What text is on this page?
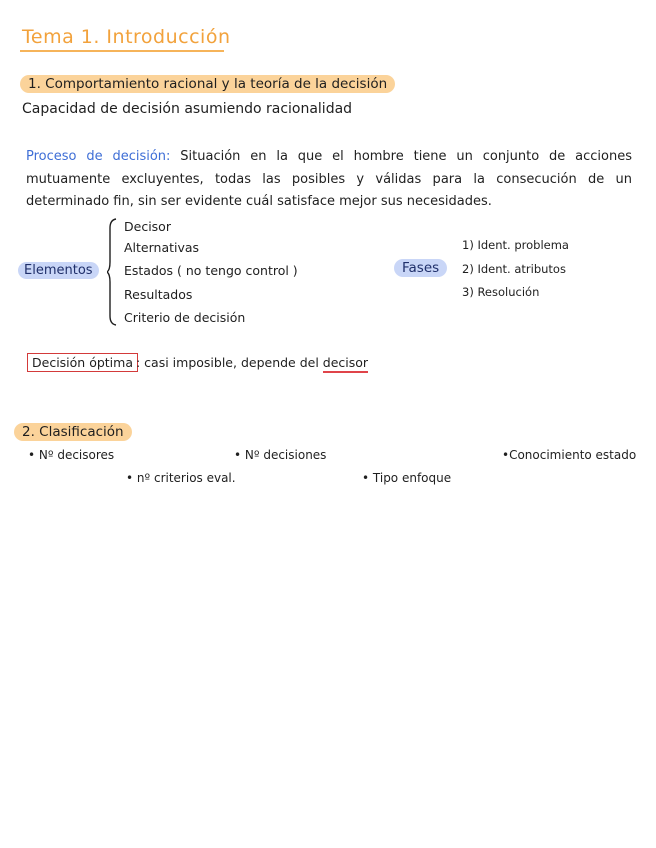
Tema 1. Introducción
1. Comportamiento racional y la teoría de la decisión
Capacidad de decisión asumiendo racionalidad
Proceso de decisión: Situación en la que el hombre tiene un conjunto de acciones mutuamente excluyentes, todas las posibles y válidas para la consecución de un determinado fin, sin ser evidente cuál satisface mejor sus necesidades.
Elementos
Decisor
Alternativas
Estados ( no tengo control )
Resultados
Criterio de decisión
Fases
1) Ident. problema
2) Ident. atributos
3) Resolución
Decisión óptima : casi imposible, depende del decisor
2. Clasificación
• Nº decisores	• Nº decisiones	•Conocimiento estado
• nº criterios eval.	• Tipo enfoque
